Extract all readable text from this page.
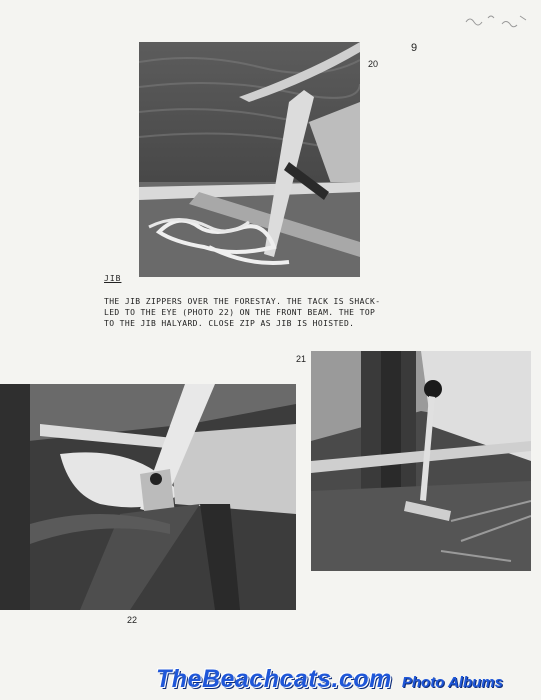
9
20
JIB
THE JIB ZIPPERS OVER THE FORESTAY. THE TACK IS SHACK-
LED TO THE EYE (PHOTO 22) ON THE FRONT BEAM. THE TOP
TO THE JIB HALYARD. CLOSE ZIP AS JIB IS HOISTED.
21
22
TheBeachcats.com Photo Albums
